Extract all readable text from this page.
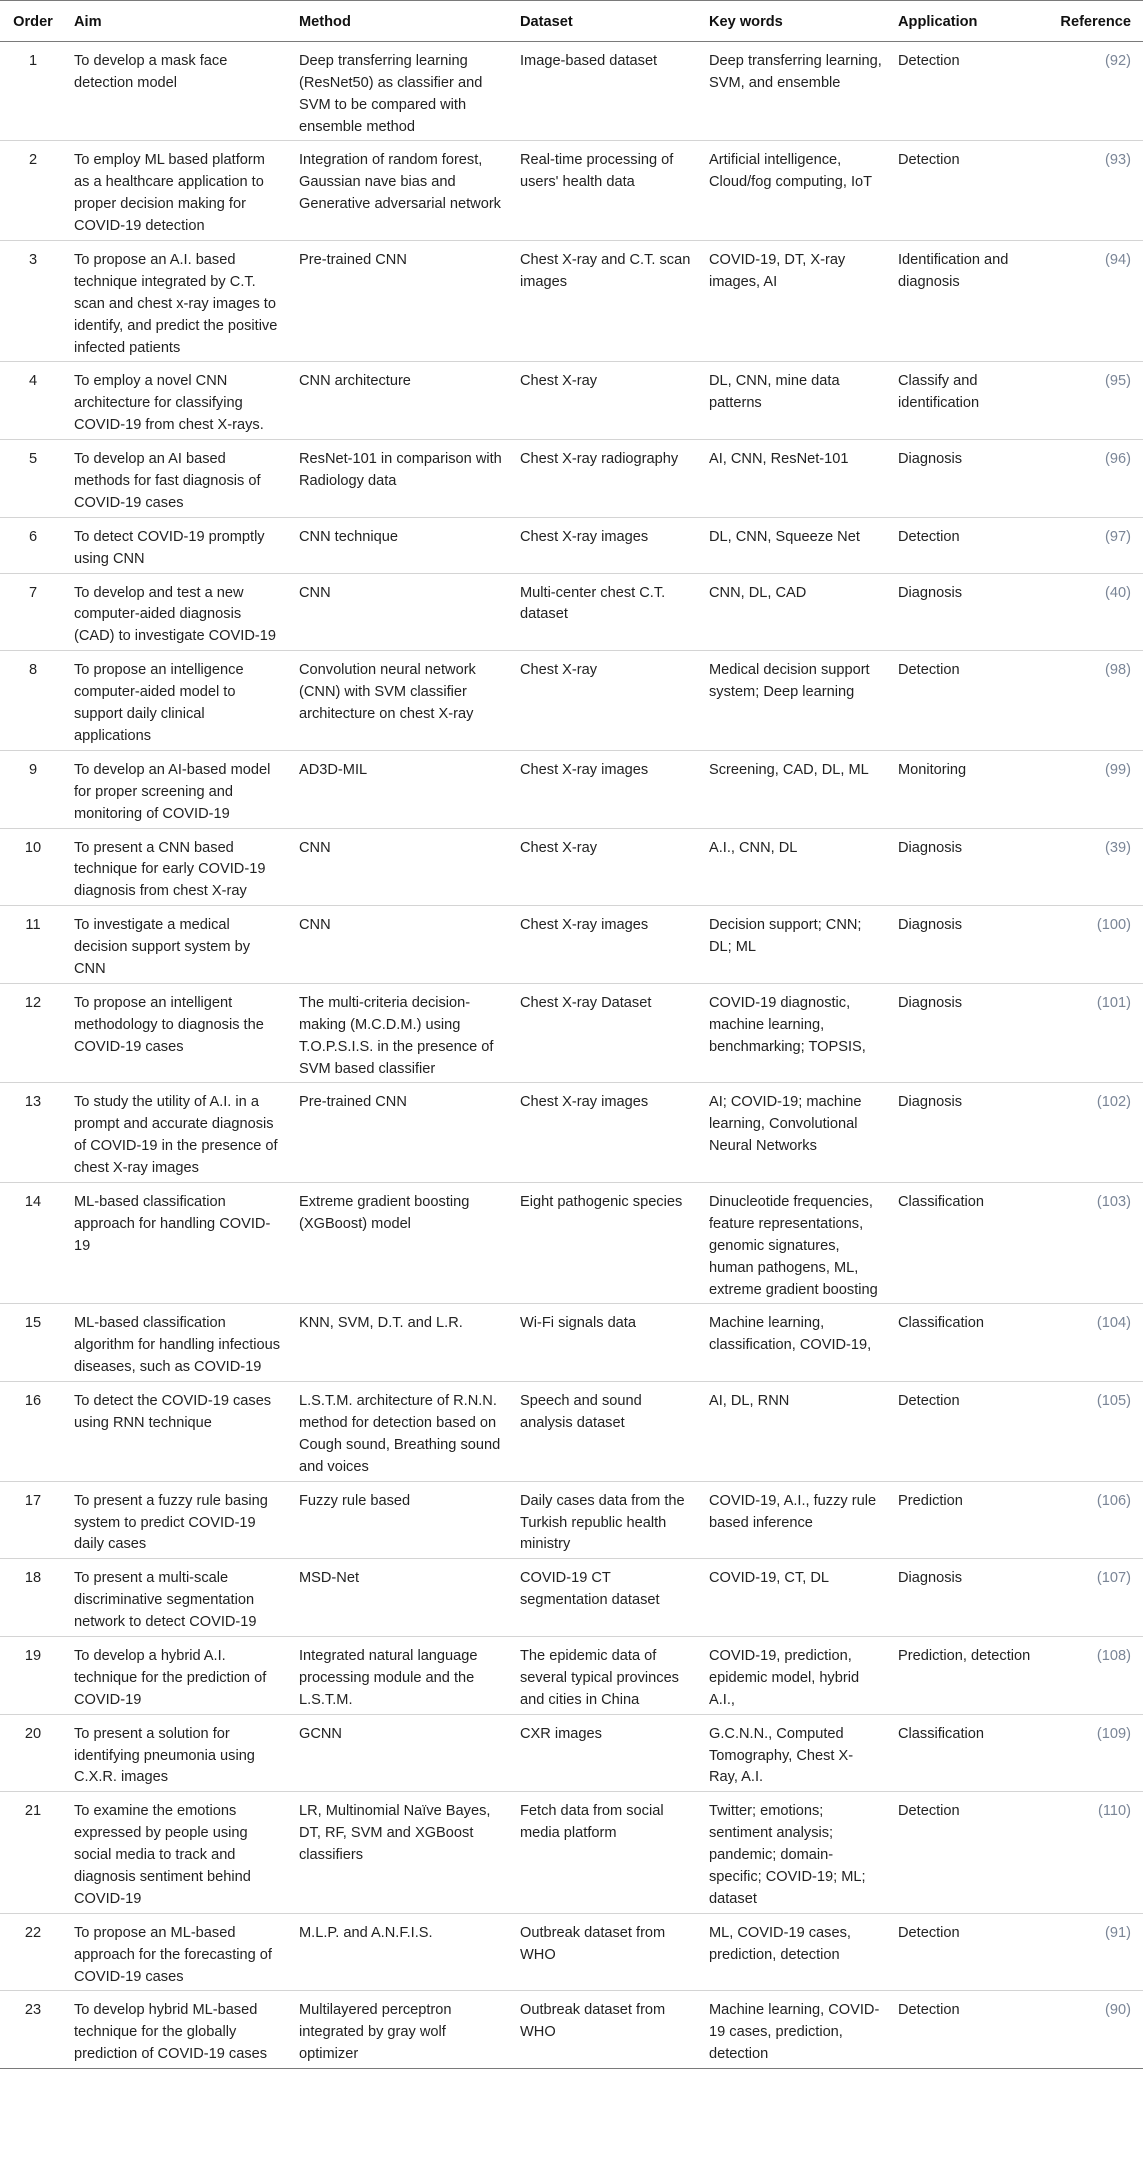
Order	Aim	Method	Dataset	Key words	Application	Reference
1	To develop a mask face detection model	Deep transferring learning (ResNet50) as classifier and SVM to be compared with ensemble method	Image-based dataset	Deep transferring learning, SVM, and ensemble	Detection	(92)
2	To employ ML based platform as a healthcare application to proper decision making for COVID-19 detection	Integration of random forest, Gaussian nave bias and Generative adversarial network	Real-time processing of users' health data	Artificial intelligence, Cloud/fog computing, IoT	Detection	(93)
3	To propose an A.I. based technique integrated by C.T. scan and chest x-ray images to identify, and predict the positive infected patients	Pre-trained CNN	Chest X-ray and C.T. scan images	COVID-19, DT, X-ray images, AI	Identification and diagnosis	(94)
4	To employ a novel CNN architecture for classifying COVID-19 from chest X-rays.	CNN architecture	Chest X-ray	DL, CNN, mine data patterns	Classify and identification	(95)
5	To develop an AI based methods for fast diagnosis of COVID-19 cases	ResNet-101 in comparison with Radiology data	Chest X-ray radiography	AI, CNN, ResNet-101	Diagnosis	(96)
6	To detect COVID-19 promptly using CNN	CNN technique	Chest X-ray images	DL, CNN, Squeeze Net	Detection	(97)
7	To develop and test a new computer-aided diagnosis (CAD) to investigate COVID-19	CNN	Multi-center chest C.T. dataset	CNN, DL, CAD	Diagnosis	(40)
8	To propose an intelligence computer-aided model to support daily clinical applications	Convolution neural network (CNN) with SVM classifier architecture on chest X-ray	Chest X-ray	Medical decision support system; Deep learning	Detection	(98)
9	To develop an AI-based model for proper screening and monitoring of COVID-19	AD3D-MIL	Chest X-ray images	Screening, CAD, DL, ML	Monitoring	(99)
10	To present a CNN based technique for early COVID-19 diagnosis from chest X-ray	CNN	Chest X-ray	A.I., CNN, DL	Diagnosis	(39)
11	To investigate a medical decision support system by CNN	CNN	Chest X-ray images	Decision support; CNN; DL; ML	Diagnosis	(100)
12	To propose an intelligent methodology to diagnosis the COVID-19 cases	The multi-criteria decision-making (M.C.D.M.) using T.O.P.S.I.S. in the presence of SVM based classifier	Chest X-ray Dataset	COVID-19 diagnostic, machine learning, benchmarking; TOPSIS,	Diagnosis	(101)
13	To study the utility of A.I. in a prompt and accurate diagnosis of COVID-19 in the presence of chest X-ray images	Pre-trained CNN	Chest X-ray images	AI; COVID-19; machine learning, Convolutional Neural Networks	Diagnosis	(102)
14	ML-based classification approach for handling COVID-19	Extreme gradient boosting (XGBoost) model	Eight pathogenic species	Dinucleotide frequencies, feature representations, genomic signatures, human pathogens, ML, extreme gradient boosting	Classification	(103)
15	ML-based classification algorithm for handling infectious diseases, such as COVID-19	KNN, SVM, D.T. and L.R.	Wi-Fi signals data	Machine learning, classification, COVID-19,	Classification	(104)
16	To detect the COVID-19 cases using RNN technique	L.S.T.M. architecture of R.N.N. method for detection based on Cough sound, Breathing sound and voices	Speech and sound analysis dataset	AI, DL, RNN	Detection	(105)
17	To present a fuzzy rule basing system to predict COVID-19 daily cases	Fuzzy rule based	Daily cases data from the Turkish republic health ministry	COVID-19, A.I., fuzzy rule based inference	Prediction	(106)
18	To present a multi-scale discriminative segmentation network to detect COVID-19	MSD-Net	COVID-19 CT segmentation dataset	COVID-19, CT, DL	Diagnosis	(107)
19	To develop a hybrid A.I. technique for the prediction of COVID-19	Integrated natural language processing module and the L.S.T.M.	The epidemic data of several typical provinces and cities in China	COVID-19, prediction, epidemic model, hybrid A.I.,	Prediction, detection	(108)
20	To present a solution for identifying pneumonia using C.X.R. images	GCNN	CXR images	G.C.N.N., Computed Tomography, Chest X-Ray, A.I.	Classification	(109)
21	To examine the emotions expressed by people using social media to track and diagnosis sentiment behind COVID-19	LR, Multinomial Naïve Bayes, DT, RF, SVM and XGBoost classifiers	Fetch data from social media platform	Twitter; emotions; sentiment analysis; pandemic; domain-specific; COVID-19; ML; dataset	Detection	(110)
22	To propose an ML-based approach for the forecasting of COVID-19 cases	M.L.P. and A.N.F.I.S.	Outbreak dataset from WHO	ML, COVID-19 cases, prediction, detection	Detection	(91)
23	To develop hybrid ML-based technique for the globally prediction of COVID-19 cases	Multilayered perceptron integrated by gray wolf optimizer	Outbreak dataset from WHO	Machine learning, COVID-19 cases, prediction, detection	Detection	(90)
